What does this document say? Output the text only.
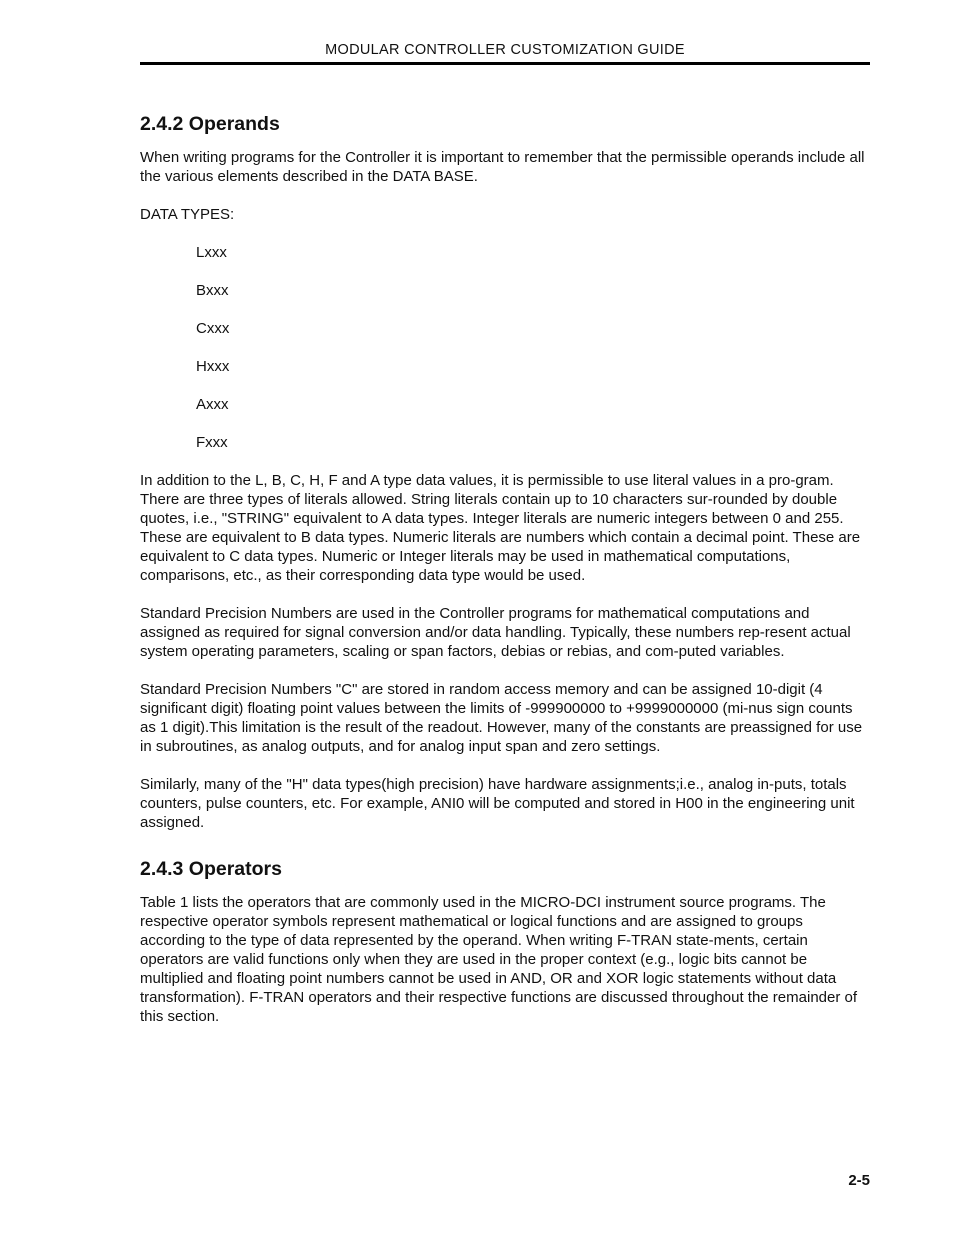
MODULAR CONTROLLER CUSTOMIZATION GUIDE
2.4.2 Operands

When writing programs for the Controller it is important to remember that the permissible operands include all the various elements described in the DATA BASE.

DATA TYPES:

Lxxx
Bxxx
Cxxx
Hxxx
Axxx
Fxxx

In addition to the L, B, C, H, F and A type data values, it is permissible to use literal values in a pro-gram. There are three types of literals allowed. String literals contain up to 10 characters sur-rounded by double quotes, i.e., "STRING" equivalent to A data types. Integer literals are numeric integers between 0 and 255. These are equivalent to B data types. Numeric literals are numbers which contain a decimal point. These are equivalent to C data types. Numeric or Integer literals may be used in mathematical computations, comparisons, etc., as their corresponding data type would be used.

Standard Precision Numbers are used in the Controller programs for mathematical computations and assigned as required for signal conversion and/or data handling. Typically, these numbers rep-resent actual system operating parameters, scaling or span factors, debias or rebias, and com-puted variables.

Standard Precision Numbers "C" are stored in random access memory and can be assigned 10-digit (4 significant digit) floating point values between the limits of -999900000 to +9999000000 (mi-nus sign counts as 1 digit).This limitation is the result of the readout. However, many of the constants are preassigned for use in subroutines, as analog outputs, and for analog input span and zero settings.

Similarly, many of the "H" data types(high precision) have hardware assignments;i.e., analog in-puts, totals counters, pulse counters, etc. For example, ANI0 will be computed and stored in H00 in the engineering unit assigned.

2.4.3 Operators

Table 1 lists the operators that are commonly used in the MICRO-DCI instrument source programs. The respective operator symbols represent mathematical or logical functions and are assigned to groups according to the type of data represented by the operand. When writing F-TRAN state-ments, certain operators are valid functions only when they are used in the proper context (e.g., logic bits cannot be multiplied and floating point numbers cannot be used in AND, OR and XOR logic statements without data transformation). F-TRAN operators and their respective functions are discussed throughout the remainder of this section.

2-5
